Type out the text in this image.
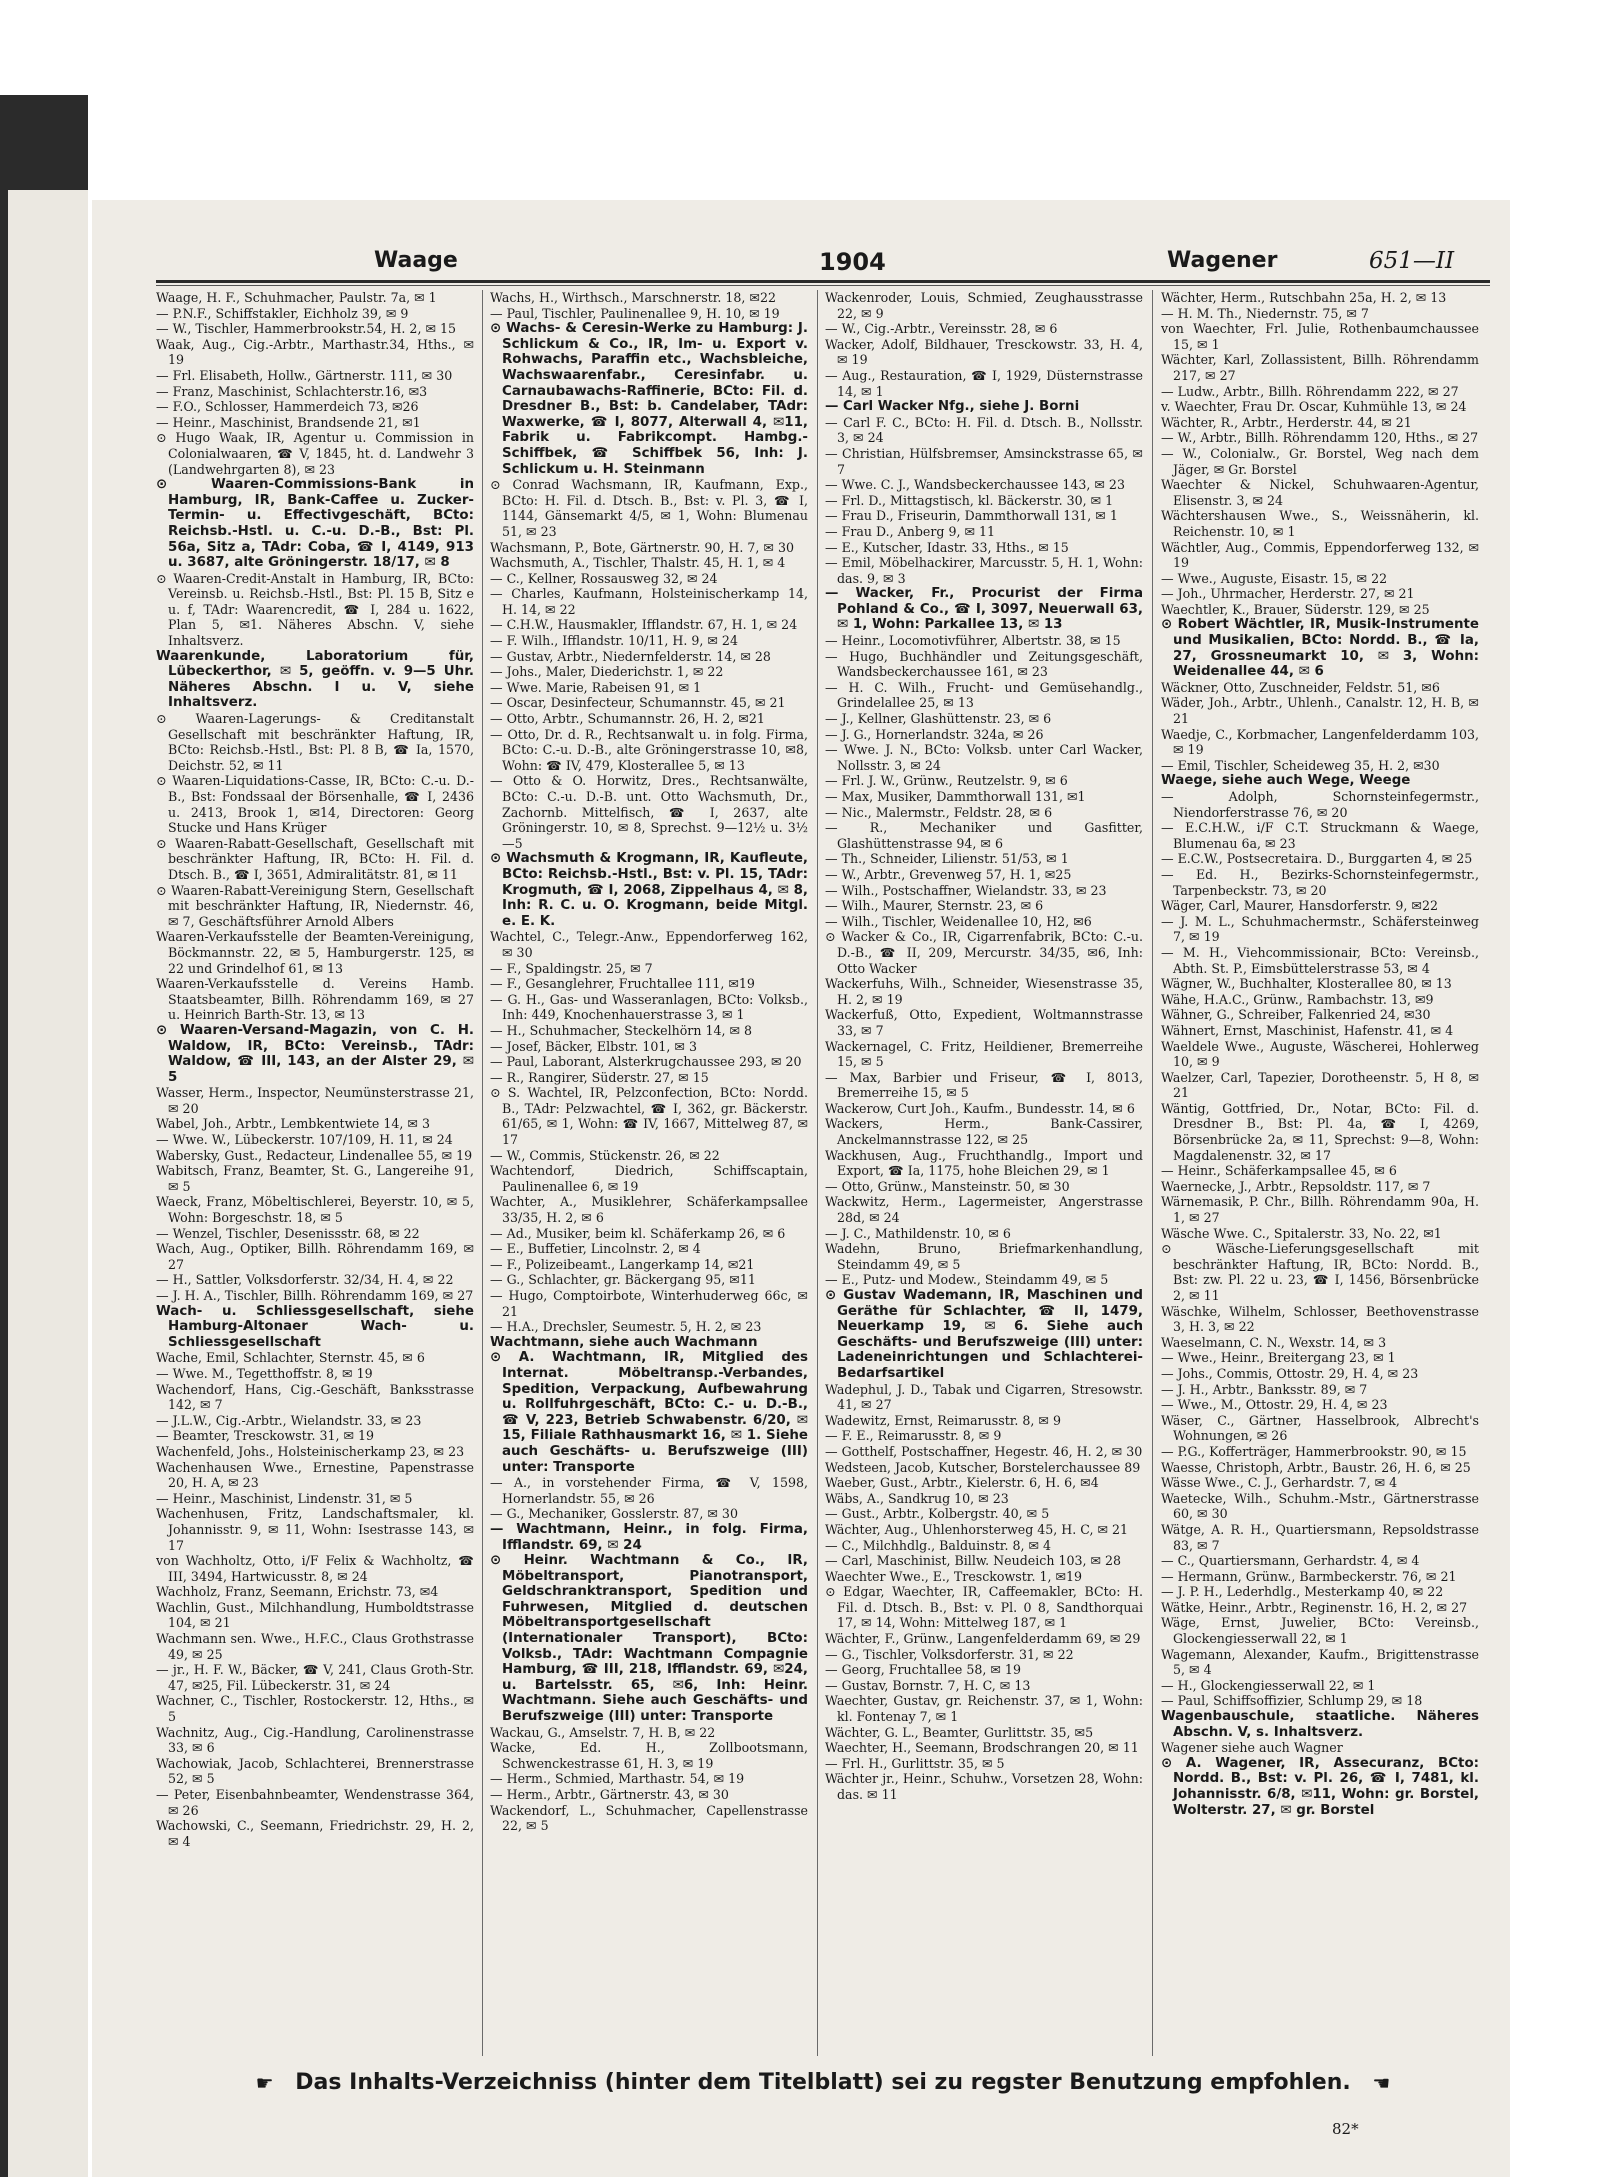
Waage	1904	Wagener	651—II

Waage, H. F., Schuhmacher, Paulstr. 7a, ✉ 1

— P.N.F., Schiffstakler, Eichholz 39, ✉ 9

— W., Tischler, Hammerbrookstr.54, H. 2, ✉ 15

Waak, Aug., Cig.-Arbtr., Marthastr.34, Hths., ✉ 19

— Frl. Elisabeth, Hollw., Gärtnerstr. 111, ✉ 30

— Franz, Maschinist, Schlachterstr.16, ✉3

— F.O., Schlosser, Hammerdeich 73, ✉26

— Heinr., Maschinist, Brandsende 21, ✉1

⊙ Hugo Waak, IR, Agentur u. Commission in Colonialwaaren, ☎ V, 1845, ht. d. Landwehr 3 (Landwehrgarten 8), ✉ 23

⊙ Waaren-Commissions-Bank in Hamburg, IR, Bank-Caffee u. Zucker-Termin- u. Effectivgeschäft, BCto: Reichsb.-Hstl. u. C.-u. D.-B., Bst: Pl. 56a, Sitz a, TAdr: Coba, ☎ I, 4149, 913 u. 3687, alte Gröningerstr. 18/17, ✉ 8

⊙ Waaren-Credit-Anstalt in Hamburg, IR, BCto: Vereinsb. u. Reichsb.-Hstl., Bst: Pl. 15 B, Sitz e u. f, TAdr: Waarencredit, ☎ I, 284 u. 1622, Plan 5, ✉1. Näheres Abschn. V, siehe Inhaltsverz.

Waarenkunde, Laboratorium für, Lübeckerthor, ✉ 5, geöffn. v. 9—5 Uhr. Näheres Abschn. I u. V, siehe Inhaltsverz.

⊙ Waaren-Lagerungs- & Creditanstalt Gesellschaft mit beschränkter Haftung, IR, BCto: Reichsb.-Hstl., Bst: Pl. 8 B, ☎ Ia, 1570, Deichstr. 52, ✉ 11

⊙ Waaren-Liquidations-Casse, IR, BCto: C.-u. D.-B., Bst: Fondssaal der Börsenhalle, ☎ I, 2436 u. 2413, Brook 1, ✉14, Directoren: Georg Stucke und Hans Krüger

⊙ Waaren-Rabatt-Gesellschaft, Gesellschaft mit beschränkter Haftung, IR, BCto: H. Fil. d. Dtsch. B., ☎ I, 3651, Admiralitätstr. 81, ✉ 11

⊙ Waaren-Rabatt-Vereinigung Stern, Gesellschaft mit beschränkter Haftung, IR, Niedernstr. 46, ✉ 7, Geschäftsführer Arnold Albers

Waaren-Verkaufsstelle der Beamten-Vereinigung, Böckmannstr. 22, ✉ 5, Hamburgerstr. 125, ✉ 22 und Grindelhof 61, ✉ 13

Waaren-Verkaufsstelle d. Vereins Hamb. Staatsbeamter, Billh. Röhrendamm 169, ✉ 27 u. Heinrich Barth-Str. 13, ✉ 13

⊙ Waaren-Versand-Magazin, von C. H. Waldow, IR, BCto: Vereinsb., TAdr: Waldow, ☎ III, 143, an der Alster 29, ✉ 5

Wasser, Herm., Inspector, Neumünsterstrasse 21, ✉ 20

Wabel, Joh., Arbtr., Lembkentwiete 14, ✉ 3

— Wwe. W., Lübeckerstr. 107/109, H. 11, ✉ 24

Wabersky, Gust., Redacteur, Lindenallee 55, ✉ 19

Wabitsch, Franz, Beamter, St. G., Langereihe 91, ✉ 5

Waeck, Franz, Möbeltischlerei, Beyerstr. 10, ✉ 5, Wohn: Borgeschstr. 18, ✉ 5

— Wenzel, Tischler, Desenissstr. 68, ✉ 22

Wach, Aug., Optiker, Billh. Röhrendamm 169, ✉ 27

— H., Sattler, Volksdorferstr. 32/34, H. 4, ✉ 22

— J. H. A., Tischler, Billh. Röhrendamm 169, ✉ 27

Wach- u. Schliessgesellschaft, siehe Hamburg-Altonaer Wach- u. Schliessgesellschaft

Wache, Emil, Schlachter, Sternstr. 45, ✉ 6

— Wwe. M., Tegetthoffstr. 8, ✉ 19

Wachendorf, Hans, Cig.-Geschäft, Banksstrasse 142, ✉ 7

— J.L.W., Cig.-Arbtr., Wielandstr. 33, ✉ 23

— Beamter, Tresckowstr. 31, ✉ 19

Wachenfeld, Johs., Holsteinischerkamp 23, ✉ 23

Wachenhausen Wwe., Ernestine, Papenstrasse 20, H. A, ✉ 23

— Heinr., Maschinist, Lindenstr. 31, ✉ 5

Wachenhusen, Fritz, Landschaftsmaler, kl. Johannisstr. 9, ✉ 11, Wohn: Isestrasse 143, ✉ 17

von Wachholtz, Otto, i/F Felix & Wachholtz, ☎ III, 3494, Hartwicusstr. 8, ✉ 24

Wachholz, Franz, Seemann, Erichstr. 73, ✉4

Wachlin, Gust., Milchhandlung, Humboldtstrasse 104, ✉ 21

Wachmann sen. Wwe., H.F.C., Claus Grothstrasse 49, ✉ 25

— jr., H. F. W., Bäcker, ☎ V, 241, Claus Groth-Str. 47, ✉25, Fil. Lübeckerstr. 31, ✉ 24

Wachner, C., Tischler, Rostockerstr. 12, Hths., ✉ 5

Wachnitz, Aug., Cig.-Handlung, Carolinenstrasse 33, ✉ 6

Wachowiak, Jacob, Schlachterei, Brennerstrasse 52, ✉ 5

— Peter, Eisenbahnbeamter, Wendenstrasse 364, ✉ 26

Wachowski, C., Seemann, Friedrichstr. 29, H. 2, ✉ 4

Wachs, H., Wirthsch., Marschnerstr. 18, ✉22

— Paul, Tischler, Paulinenallee 9, H. 10, ✉ 19

⊙ Wachs- & Ceresin-Werke zu Hamburg: J. Schlickum & Co., IR, Im- u. Export v. Rohwachs, Paraffin etc., Wachsbleiche, Wachswaarenfabr., Ceresinfabr. u. Carnaubawachs-Raffinerie, BCto: Fil. d. Dresdner B., Bst: b. Candelaber, TAdr: Waxwerke, ☎ I, 8077, Alterwall 4, ✉11, Fabrik u. Fabrikcompt. Hambg.-Schiffbek, ☎ Schiffbek 56, Inh: J. Schlickum u. H. Steinmann

⊙ Conrad Wachsmann, IR, Kaufmann, Exp., BCto: H. Fil. d. Dtsch. B., Bst: v. Pl. 3, ☎ I, 1144, Gänsemarkt 4/5, ✉ 1, Wohn: Blumenau 51, ✉ 23

Wachsmann, P., Bote, Gärtnerstr. 90, H. 7, ✉ 30

Wachsmuth, A., Tischler, Thalstr. 45, H. 1, ✉ 4

— C., Kellner, Rossausweg 32, ✉ 24

— Charles, Kaufmann, Holsteinischerkamp 14, H. 14, ✉ 22

— C.H.W., Hausmakler, Ifflandstr. 67, H. 1, ✉ 24

— F. Wilh., Ifflandstr. 10/11, H. 9, ✉ 24

— Gustav, Arbtr., Niedernfelderstr. 14, ✉ 28

— Johs., Maler, Diederichstr. 1, ✉ 22

— Wwe. Marie, Rabeisen 91, ✉ 1

— Oscar, Desinfecteur, Schumannstr. 45, ✉ 21

— Otto, Arbtr., Schumannstr. 26, H. 2, ✉21

— Otto, Dr. d. R., Rechtsanwalt u. in folg. Firma, BCto: C.-u. D.-B., alte Gröningerstrasse 10, ✉8, Wohn: ☎ IV, 479, Klosterallee 5, ✉ 13

— Otto & O. Horwitz, Dres., Rechtsanwälte, BCto: C.-u. D.-B. unt. Otto Wachsmuth, Dr., Zachornb. Mittelfisch, ☎ I, 2637, alte Gröningerstr. 10, ✉ 8, Sprechst. 9—12½ u. 3½—5

⊙ Wachsmuth & Krogmann, IR, Kaufleute, BCto: Reichsb.-Hstl., Bst: v. Pl. 15, TAdr: Krogmuth, ☎ I, 2068, Zippelhaus 4, ✉ 8, Inh: R. C. u. O. Krogmann, beide Mitgl. e. E. K.

Wachtel, C., Telegr.-Anw., Eppendorferweg 162, ✉ 30

— F., Spaldingstr. 25, ✉ 7

— F., Gesanglehrer, Fruchtallee 111, ✉19

— G. H., Gas- und Wasseranlagen, BCto: Volksb., Inh: 449, Knochenhauerstrasse 3, ✉ 1

— H., Schuhmacher, Steckelhörn 14, ✉ 8

— Josef, Bäcker, Elbstr. 101, ✉ 3

— Paul, Laborant, Alsterkrugchaussee 293, ✉ 20

— R., Rangirer, Süderstr. 27, ✉ 15

⊙ S. Wachtel, IR, Pelzconfection, BCto: Nordd. B., TAdr: Pelzwachtel, ☎ I, 362, gr. Bäckerstr. 61/65, ✉ 1, Wohn: ☎ IV, 1667, Mittelweg 87, ✉ 17

— W., Commis, Stückenstr. 26, ✉ 22

Wachtendorf, Diedrich, Schiffscaptain, Paulinenallee 6, ✉ 19

Wachter, A., Musiklehrer, Schäferkampsallee 33/35, H. 2, ✉ 6

— Ad., Musiker, beim kl. Schäferkamp 26, ✉ 6

— E., Buffetier, Lincolnstr. 2, ✉ 4

— F., Polizeibeamt., Langerkamp 14, ✉21

— G., Schlachter, gr. Bäckergang 95, ✉11

— Hugo, Comptoirbote, Winterhuderweg 66c, ✉ 21

— H.A., Drechsler, Seumestr. 5, H. 2, ✉ 23

Wachtmann, siehe auch Wachmann

⊙ A. Wachtmann, IR, Mitglied des Internat. Möbeltransp.-Verbandes, Spedition, Verpackung, Aufbewahrung u. Rollfuhrgeschäft, BCto: C.- u. D.-B., ☎ V, 223, Betrieb Schwabenstr. 6/20, ✉ 15, Filiale Rathhausmarkt 16, ✉ 1. Siehe auch Geschäfts- u. Berufszweige (III) unter: Transporte

— A., in vorstehender Firma, ☎ V, 1598, Hornerlandstr. 55, ✉ 26

— G., Mechaniker, Gosslerstr. 87, ✉ 30

— Wachtmann, Heinr., in folg. Firma, Ifflandstr. 69, ✉ 24

⊙ Heinr. Wachtmann & Co., IR, Möbeltransport, Pianotransport, Geldschranktransport, Spedition und Fuhrwesen, Mitglied d. deutschen Möbeltransportgesellschaft (Internationaler Transport), BCto: Volksb., TAdr: Wachtmann Compagnie Hamburg, ☎ III, 218, Ifflandstr. 69, ✉24, u. Bartelsstr. 65, ✉6, Inh: Heinr. Wachtmann. Siehe auch Geschäfts- und Berufszweige (III) unter: Transporte

Wackau, G., Amselstr. 7, H. B, ✉ 22

Wacke, Ed. H., Zollbootsmann, Schwenckestrasse 61, H. 3, ✉ 19

— Herm., Schmied, Marthastr. 54, ✉ 19

— Herm., Arbtr., Gärtnerstr. 43, ✉ 30

Wackendorf, L., Schuhmacher, Capellenstrasse 22, ✉ 5

Wackenroder, Louis, Schmied, Zeughausstrasse 22, ✉ 9

— W., Cig.-Arbtr., Vereinsstr. 28, ✉ 6

Wacker, Adolf, Bildhauer, Tresckowstr. 33, H. 4, ✉ 19

— Aug., Restauration, ☎ I, 1929, Düsternstrasse 14, ✉ 1

— Carl Wacker Nfg., siehe J. Borni

— Carl F. C., BCto: H. Fil. d. Dtsch. B., Nollsstr. 3, ✉ 24

— Christian, Hülfsbremser, Amsinckstrasse 65, ✉ 7

— Wwe. C. J., Wandsbeckerchaussee 143, ✉ 23

— Frl. D., Mittagstisch, kl. Bäckerstr. 30, ✉ 1

— Frau D., Friseurin, Dammthorwall 131, ✉ 1

— Frau D., Anberg 9, ✉ 11

— E., Kutscher, Idastr. 33, Hths., ✉ 15

— Emil, Möbelhackirer, Marcusstr. 5, H. 1, Wohn: das. 9, ✉ 3

— Wacker, Fr., Procurist der Firma Pohland & Co., ☎ I, 3097, Neuerwall 63, ✉ 1, Wohn: Parkallee 13, ✉ 13

— Heinr., Locomotivführer, Albertstr. 38, ✉ 15

— Hugo, Buchhändler und Zeitungsgeschäft, Wandsbeckerchaussee 161, ✉ 23

— H. C. Wilh., Frucht- und Gemüsehandlg., Grindelallee 25, ✉ 13

— J., Kellner, Glashüttenstr. 23, ✉ 6

— J. G., Hornerlandstr. 324a, ✉ 26

— Wwe. J. N., BCto: Volksb. unter Carl Wacker, Nollsstr. 3, ✉ 24

— Frl. J. W., Grünw., Reutzelstr. 9, ✉ 6

— Max, Musiker, Dammthorwall 131, ✉1

— Nic., Malermstr., Feldstr. 28, ✉ 6

— R., Mechaniker und Gasfitter, Glashüttenstrasse 94, ✉ 6

— Th., Schneider, Lilienstr. 51/53, ✉ 1

— W., Arbtr., Grevenweg 57, H. 1, ✉25

— Wilh., Postschaffner, Wielandstr. 33, ✉ 23

— Wilh., Maurer, Sternstr. 23, ✉ 6

— Wilh., Tischler, Weidenallee 10, H2, ✉6

⊙ Wacker & Co., IR, Cigarrenfabrik, BCto: C.-u. D.-B., ☎ II, 209, Mercurstr. 34/35, ✉6, Inh: Otto Wacker

Wackerfuhs, Wilh., Schneider, Wiesenstrasse 35, H. 2, ✉ 19

Wackerfuß, Otto, Expedient, Woltmannstrasse 33, ✉ 7

Wackernagel, C. Fritz, Heildiener, Bremerreihe 15, ✉ 5

— Max, Barbier und Friseur, ☎ I, 8013, Bremerreihe 15, ✉ 5

Wackerow, Curt Joh., Kaufm., Bundesstr. 14, ✉ 6

Wackers, Herm., Bank-Cassirer, Anckelmannstrasse 122, ✉ 25

Wackhusen, Aug., Fruchthandlg., Import und Export, ☎ Ia, 1175, hohe Bleichen 29, ✉ 1

— Otto, Grünw., Mansteinstr. 50, ✉ 30

Wackwitz, Herm., Lagermeister, Angerstrasse 28d, ✉ 24

— J. C., Mathildenstr. 10, ✉ 6

Wadehn, Bruno, Briefmarkenhandlung, Steindamm 49, ✉ 5

— E., Putz- und Modew., Steindamm 49, ✉ 5

⊙ Gustav Wademann, IR, Maschinen und Geräthe für Schlachter, ☎ II, 1479, Neuerkamp 19, ✉ 6. Siehe auch Geschäfts- und Berufszweige (III) unter: Ladeneinrichtungen und Schlachterei-Bedarfsartikel

Wadephul, J. D., Tabak und Cigarren, Stresowstr. 41, ✉ 27

Wadewitz, Ernst, Reimarusstr. 8, ✉ 9

— F. E., Reimarusstr. 8, ✉ 9

— Gotthelf, Postschaffner, Hegestr. 46, H. 2, ✉ 30

Wedsteen, Jacob, Kutscher, Borstelerchaussee 89

Waeber, Gust., Arbtr., Kielerstr. 6, H. 6, ✉4

Wäbs, A., Sandkrug 10, ✉ 23

— Gust., Arbtr., Kolbergstr. 40, ✉ 5

Wächter, Aug., Uhlenhorsterweg 45, H. C, ✉ 21

— C., Milchhdlg., Balduinstr. 8, ✉ 4

— Carl, Maschinist, Billw. Neudeich 103, ✉ 28

Waechter Wwe., E., Tresckowstr. 1, ✉19

⊙ Edgar, Waechter, IR, Caffeemakler, BCto: H. Fil. d. Dtsch. B., Bst: v. Pl. 0 8, Sandthorquai 17, ✉ 14, Wohn: Mittelweg 187, ✉ 1

Wächter, F., Grünw., Langenfelderdamm 69, ✉ 29

— G., Tischler, Volksdorferstr. 31, ✉ 22

— Georg, Fruchtallee 58, ✉ 19

— Gustav, Bornstr. 7, H. C, ✉ 13

Waechter, Gustav, gr. Reichenstr. 37, ✉ 1, Wohn: kl. Fontenay 7, ✉ 1

Wächter, G. L., Beamter, Gurlittstr. 35, ✉5

Waechter, H., Seemann, Brodschrangen 20, ✉ 11

— Frl. H., Gurlittstr. 35, ✉ 5

Wächter jr., Heinr., Schuhw., Vorsetzen 28, Wohn: das. ✉ 11

Wächter, Herm., Rutschbahn 25a, H. 2, ✉ 13

— H. M. Th., Niedernstr. 75, ✉ 7

von Waechter, Frl. Julie, Rothenbaumchaussee 15, ✉ 1

Wächter, Karl, Zollassistent, Billh. Röhrendamm 217, ✉ 27

— Ludw., Arbtr., Billh. Röhrendamm 222, ✉ 27

v. Waechter, Frau Dr. Oscar, Kuhmühle 13, ✉ 24

Wächter, R., Arbtr., Herderstr. 44, ✉ 21

— W., Arbtr., Billh. Röhrendamm 120, Hths., ✉ 27

— W., Colonialw., Gr. Borstel, Weg nach dem Jäger, ✉ Gr. Borstel

Waechter & Nickel, Schuhwaaren-Agentur, Elisenstr. 3, ✉ 24

Wächtershausen Wwe., S., Weissnäherin, kl. Reichenstr. 10, ✉ 1

Wächtler, Aug., Commis, Eppendorferweg 132, ✉ 19

— Wwe., Auguste, Eisastr. 15, ✉ 22

— Joh., Uhrmacher, Herderstr. 27, ✉ 21

Waechtler, K., Brauer, Süderstr. 129, ✉ 25

⊙ Robert Wächtler, IR, Musik-Instrumente und Musikalien, BCto: Nordd. B., ☎ Ia, 27, Grossneumarkt 10, ✉ 3, Wohn: Weidenallee 44, ✉ 6

Wäckner, Otto, Zuschneider, Feldstr. 51, ✉6

Wäder, Joh., Arbtr., Uhlenh., Canalstr. 12, H. B, ✉ 21

Waedje, C., Korbmacher, Langenfelderdamm 103, ✉ 19

— Emil, Tischler, Scheideweg 35, H. 2, ✉30

Waege, siehe auch Wege, Weege

— Adolph, Schornsteinfegermstr., Niendorferstrasse 76, ✉ 20

— E.C.H.W., i/F C.T. Struckmann & Waege, Blumenau 6a, ✉ 23

— E.C.W., Postsecretaira. D., Burggarten 4, ✉ 25

— Ed. H., Bezirks-Schornsteinfegermstr., Tarpenbeckstr. 73, ✉ 20

Wäger, Carl, Maurer, Hansdorferstr. 9, ✉22

— J. M. L., Schuhmachermstr., Schäfersteinweg 7, ✉ 19

— M. H., Viehcommissionair, BCto: Vereinsb., Abth. St. P., Eimsbüttelerstrasse 53, ✉ 4

Wägner, W., Buchhalter, Klosterallee 80, ✉ 13

Wähe, H.A.C., Grünw., Rambachstr. 13, ✉9

Wähner, G., Schreiber, Falkenried 24, ✉30

Wähnert, Ernst, Maschinist, Hafenstr. 41, ✉ 4

Waeldele Wwe., Auguste, Wäscherei, Hohlerweg 10, ✉ 9

Waelzer, Carl, Tapezier, Dorotheenstr. 5, H 8, ✉ 21

Wäntig, Gottfried, Dr., Notar, BCto: Fil. d. Dresdner B., Bst: Pl. 4a, ☎ I, 4269, Börsenbrücke 2a, ✉ 11, Sprechst: 9—8, Wohn: Magdalenenstr. 32, ✉ 17

— Heinr., Schäferkampsallee 45, ✉ 6

Waernecke, J., Arbtr., Repsoldstr. 117, ✉ 7

Wärnemasik, P. Chr., Billh. Röhrendamm 90a, H. 1, ✉ 27

Wäsche Wwe. C., Spitalerstr. 33, No. 22, ✉1

⊙ Wäsche-Lieferungsgesellschaft mit beschränkter Haftung, IR, BCto: Nordd. B., Bst: zw. Pl. 22 u. 23, ☎ I, 1456, Börsenbrücke 2, ✉ 11

Wäschke, Wilhelm, Schlosser, Beethovenstrasse 3, H. 3, ✉ 22

Waeselmann, C. N., Wexstr. 14, ✉ 3

— Wwe., Heinr., Breitergang 23, ✉ 1

— Johs., Commis, Ottostr. 29, H. 4, ✉ 23

— J. H., Arbtr., Banksstr. 89, ✉ 7

— Wwe., M., Ottostr. 29, H. 4, ✉ 23

Wäser, C., Gärtner, Hasselbrook, Albrecht's Wohnungen, ✉ 26

— P.G., Kofferträger, Hammerbrookstr. 90, ✉ 15

Waesse, Christoph, Arbtr., Baustr. 26, H. 6, ✉ 25

Wässe Wwe., C. J., Gerhardstr. 7, ✉ 4

Waetecke, Wilh., Schuhm.-Mstr., Gärtnerstrasse 60, ✉ 30

Wätge, A. R. H., Quartiersmann, Repsoldstrasse 83, ✉ 7

— C., Quartiersmann, Gerhardstr. 4, ✉ 4

— Hermann, Grünw., Barmbeckerstr. 76, ✉ 21

— J. P. H., Lederhdlg., Mesterkamp 40, ✉ 22

Wätke, Heinr., Arbtr., Reginenstr. 16, H. 2, ✉ 27

Wäge, Ernst, Juwelier, BCto: Vereinsb., Glockengiesserwall 22, ✉ 1

Wagemann, Alexander, Kaufm., Brigittenstrasse 5, ✉ 4

— H., Glockengiesserwall 22, ✉ 1

— Paul, Schiffsoffizier, Schlump 29, ✉ 18

Wagenbauschule, staatliche. Näheres Abschn. V, s. Inhaltsverz.

Wagener siehe auch Wagner

⊙ A. Wagener, IR, Assecuranz, BCto: Nordd. B., Bst: v. Pl. 26, ☎ I, 7481, kl. Johannisstr. 6/8, ✉11, Wohn: gr. Borstel, Wolterstr. 27, ✉ gr. Borstel

☛ Das Inhalts-Verzeichniss (hinter dem Titelblatt) sei zu regster Benutzung empfohlen. ☚
82*
